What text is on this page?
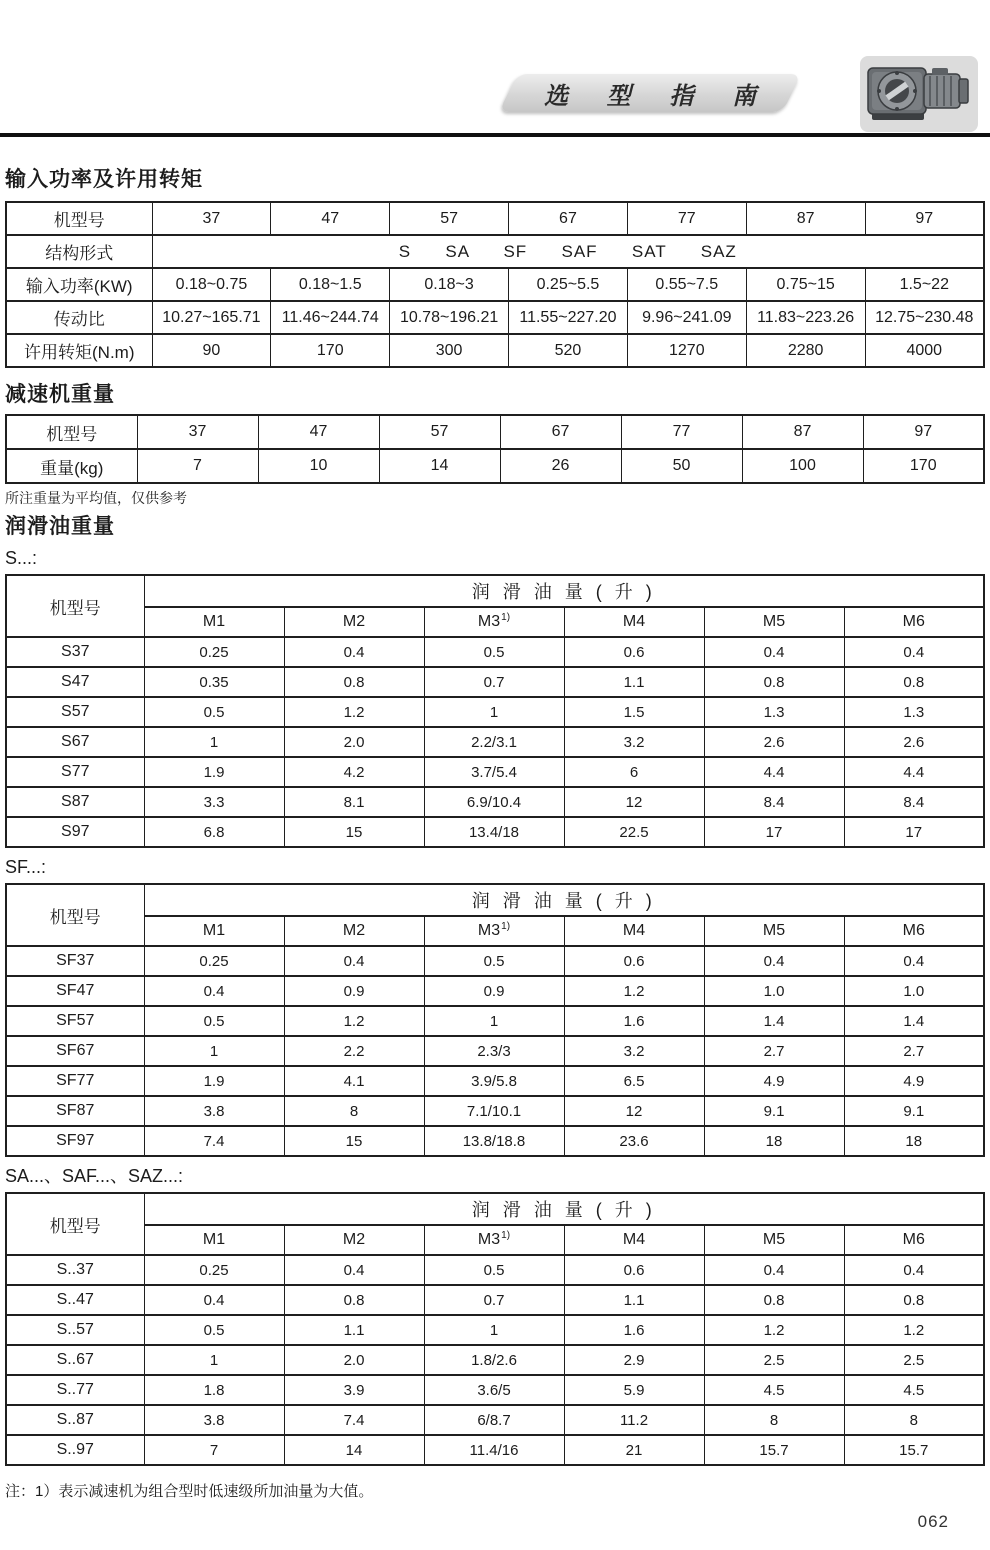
选 型 指 南
输入功率及许用转矩
机型号	37	47	57	67	77	87	97
结构形式	S      SA      SF      SAF      SAT      SAZ						
输入功率(KW)	0.18~0.75	0.18~1.5	0.18~3	0.25~5.5	0.55~7.5	0.75~15	1.5~22
传动比	10.27~165.71	11.46~244.74	10.78~196.21	11.55~227.20	9.96~241.09	11.83~223.26	12.75~230.48
许用转矩(N.m)	90	170	300	520	1270	2280	4000
减速机重量
机型号	37	47	57	67	77	87	97
重量(kg)	7	10	14	26	50	100	170
所注重量为平均值，仅供参考
润滑油重量
S...:
机型号	润 滑 油 量 ( 升 )					
	M1	M2	M3$^{1)}$	M4	M5	M6
S37	0.25	0.4	0.5	0.6	0.4	0.4
S47	0.35	0.8	0.7	1.1	0.8	0.8
S57	0.5	1.2	1	1.5	1.3	1.3
S67	1	2.0	2.2/3.1	3.2	2.6	2.6
S77	1.9	4.2	3.7/5.4	6	4.4	4.4
S87	3.3	8.1	6.9/10.4	12	8.4	8.4
S97	6.8	15	13.4/18	22.5	17	17
SF...:
机型号	润 滑 油 量 ( 升 )					
	M1	M2	M3$^{1)}$	M4	M5	M6
SF37	0.25	0.4	0.5	0.6	0.4	0.4
SF47	0.4	0.9	0.9	1.2	1.0	1.0
SF57	0.5	1.2	1	1.6	1.4	1.4
SF67	1	2.2	2.3/3	3.2	2.7	2.7
SF77	1.9	4.1	3.9/5.8	6.5	4.9	4.9
SF87	3.8	8	7.1/10.1	12	9.1	9.1
SF97	7.4	15	13.8/18.8	23.6	18	18
SA...、SAF...、SAZ...:
机型号	润 滑 油 量 ( 升 )					
	M1	M2	M3$^{1)}$	M4	M5	M6
S..37	0.25	0.4	0.5	0.6	0.4	0.4
S..47	0.4	0.8	0.7	1.1	0.8	0.8
S..57	0.5	1.1	1	1.6	1.2	1.2
S..67	1	2.0	1.8/2.6	2.9	2.5	2.5
S..77	1.8	3.9	3.6/5	5.9	4.5	4.5
S..87	3.8	7.4	6/8.7	11.2	8	8
S..97	7	14	11.4/16	21	15.7	15.7
注：1）表示减速机为组合型时低速级所加油量为大值。
062
